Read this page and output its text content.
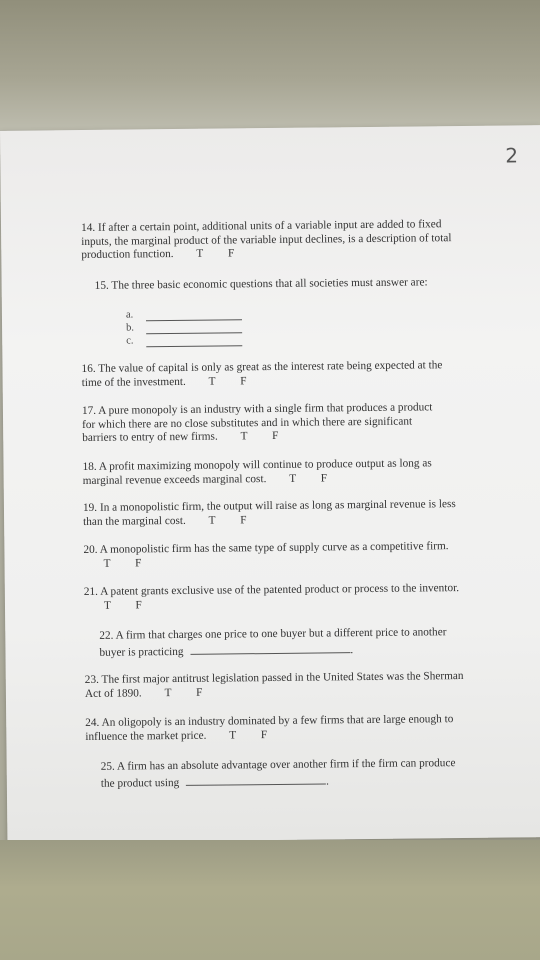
2
14. If after a certain point, additional units of a variable input are added to fixed inputs, the marginal product of the variable input declines, is a description of total production function. T F
15. The three basic economic questions that all societies must answer are:
a.
b.
c.
16. The value of capital is only as great as the interest rate being expected at the time of the investment. T F
17. A pure monopoly is an industry with a single firm that produces a product for which there are no close substitutes and in which there are significant barriers to entry of new firms. T F
18. A profit maximizing monopoly will continue to produce output as long as marginal revenue exceeds marginal cost. T F
19. In a monopolistic firm, the output will raise as long as marginal revenue is less than the marginal cost. T F
20. A monopolistic firm has the same type of supply curve as a competitive firm. T F
21. A patent grants exclusive use of the patented product or process to the inventor. T F
22. A firm that charges one price to one buyer but a different price to another buyer is practicing	.
23. The first major antitrust legislation passed in the United States was the Sherman Act of 1890. T F
24. An oligopoly is an industry dominated by a few firms that are large enough to influence the market price. T F
25. A firm has an absolute advantage over another firm if the firm can produce the product using	.
